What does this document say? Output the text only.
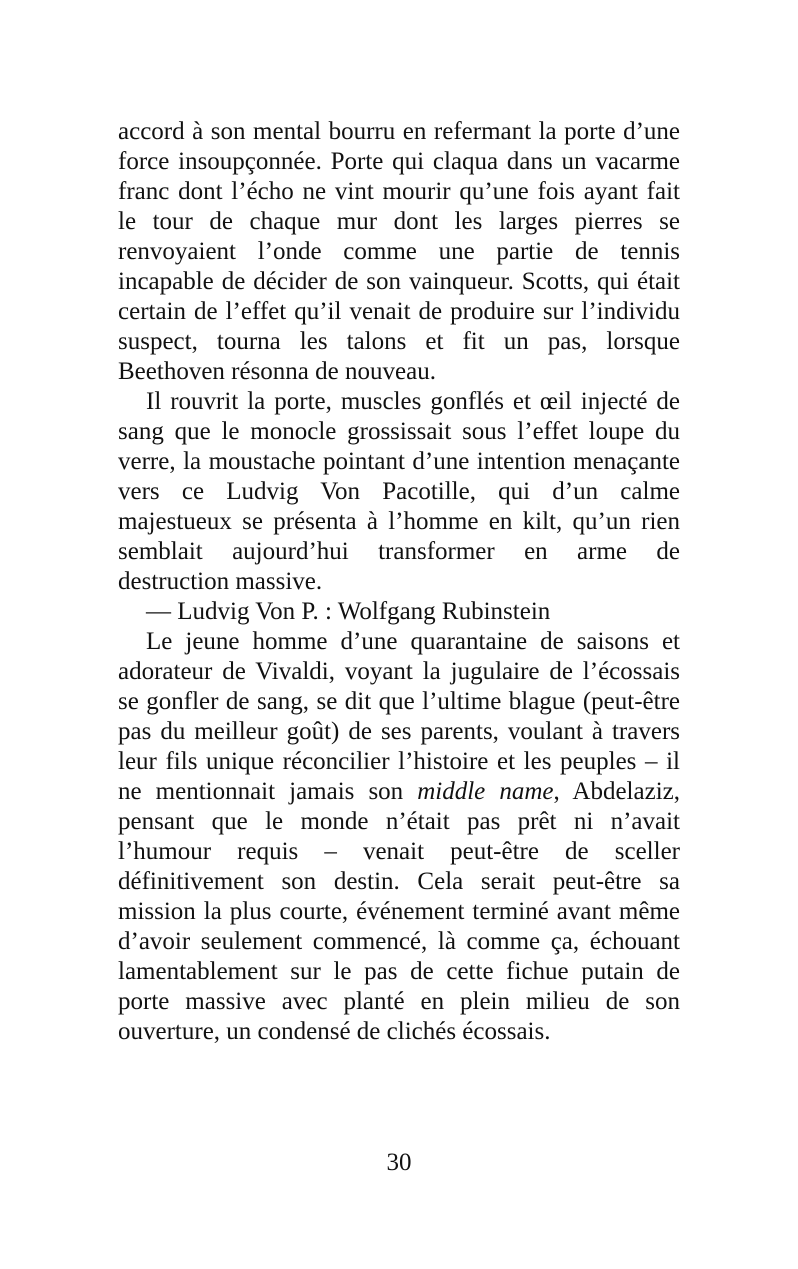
accord à son mental bourru en refermant la porte d’une force insoupçonnée. Porte qui claqua dans un vacarme franc dont l’écho ne vint mourir qu’une fois ayant fait le tour de chaque mur dont les larges pierres se renvoyaient l’onde comme une partie de tennis incapable de décider de son vainqueur. Scotts, qui était certain de l’effet qu’il venait de produire sur l’individu suspect, tourna les talons et fit un pas, lorsque Beethoven résonna de nouveau.

Il rouvrit la porte, muscles gonflés et œil injecté de sang que le monocle grossissait sous l’effet loupe du verre, la moustache pointant d’une intention menaçante vers ce Ludvig Von Pacotille, qui d’un calme majestueux se présenta à l’homme en kilt, qu’un rien semblait aujourd’hui transformer en arme de destruction massive.

— Ludvig Von P. : Wolfgang Rubinstein

Le jeune homme d’une quarantaine de saisons et adorateur de Vivaldi, voyant la jugulaire de l’écossais se gonfler de sang, se dit que l’ultime blague (peut-être pas du meilleur goût) de ses parents, voulant à travers leur fils unique réconcilier l’histoire et les peuples – il ne mentionnait jamais son middle name, Abdelaziz, pensant que le monde n’était pas prêt ni n’avait l’humour requis – venait peut-être de sceller définitivement son destin. Cela serait peut-être sa mission la plus courte, événement terminé avant même d’avoir seulement commencé, là comme ça, échouant lamentablement sur le pas de cette fichue putain de porte massive avec planté en plein milieu de son ouverture, un condensé de clichés écossais.

30
